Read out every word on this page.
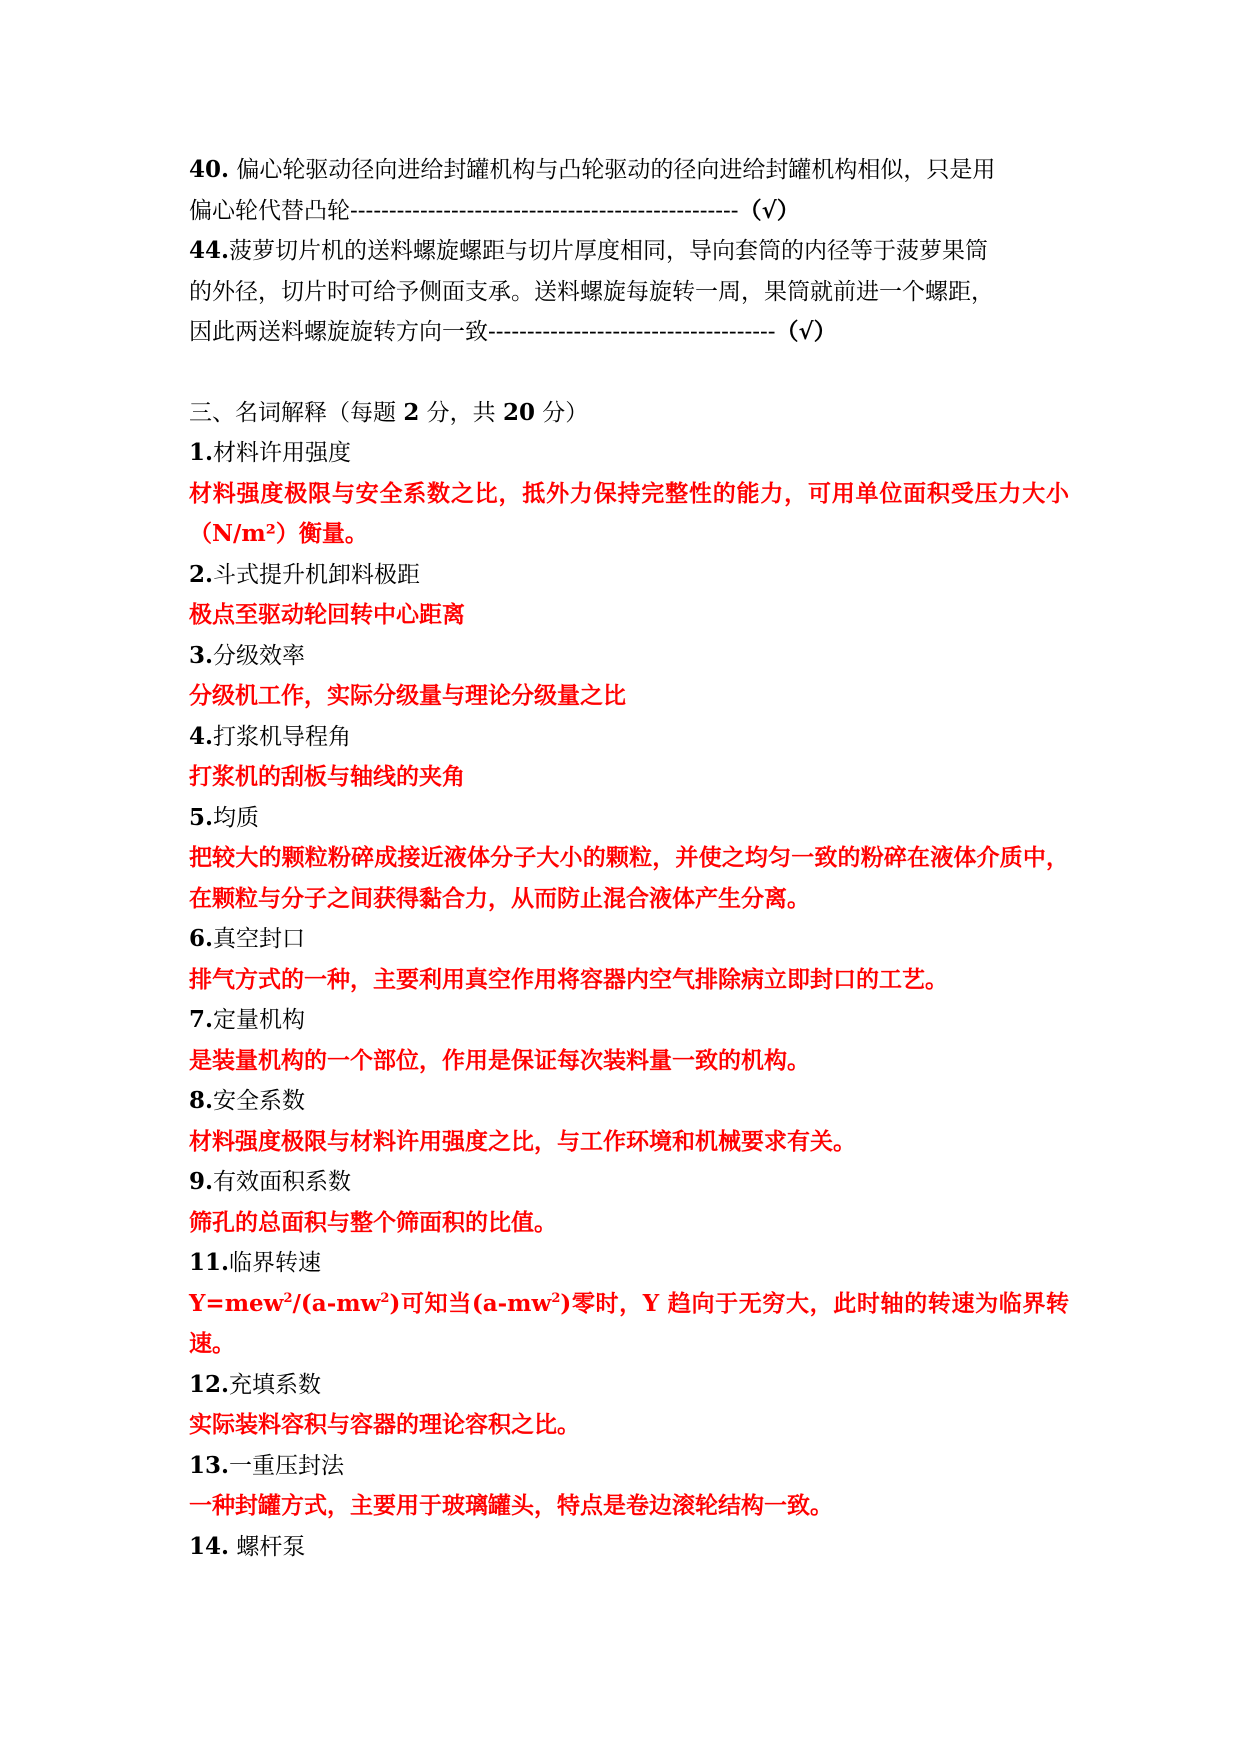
40. 偏心轮驱动径向进给封罐机构与凸轮驱动的径向进给封罐机构相似，只是用

偏心轮代替凸轮--------------------------------------------------（√）

44.菠萝切片机的送料螺旋螺距与切片厚度相同，导向套筒的内径等于菠萝果筒

的外径，切片时可给予侧面支承。送料螺旋每旋转一周，果筒就前进一个螺距，

因此两送料螺旋旋转方向一致-------------------------------------（√）

三、名词解释（每题 2 分，共 20 分）

1.材料许用强度

材料强度极限与安全系数之比，抵外力保持完整性的能力，可用单位面积受压力大小（N/m²）衡量。

2.斗式提升机卸料极距

极点至驱动轮回转中心距离

3.分级效率

分级机工作，实际分级量与理论分级量之比

4.打浆机导程角

打浆机的刮板与轴线的夹角

5.均质

把较大的颗粒粉碎成接近液体分子大小的颗粒，并使之均匀一致的粉碎在液体介质中，在颗粒与分子之间获得黏合力，从而防止混合液体产生分离。

6.真空封口

排气方式的一种，主要利用真空作用将容器内空气排除病立即封口的工艺。

7.定量机构

是装量机构的一个部位，作用是保证每次装料量一致的机构。

8.安全系数

材料强度极限与材料许用强度之比，与工作环境和机械要求有关。

9.有效面积系数

筛孔的总面积与整个筛面积的比值。

11.临界转速

$Y=mew^2/(a-mw^2)$可知当$(a-mw^2)$零时，Y 趋向于无穷大，此时轴的转速为临界转速。

12.充填系数

实际装料容积与容器的理论容积之比。

13.一重压封法

一种封罐方式，主要用于玻璃罐头，特点是卷边滚轮结构一致。

14. 螺杆泵
